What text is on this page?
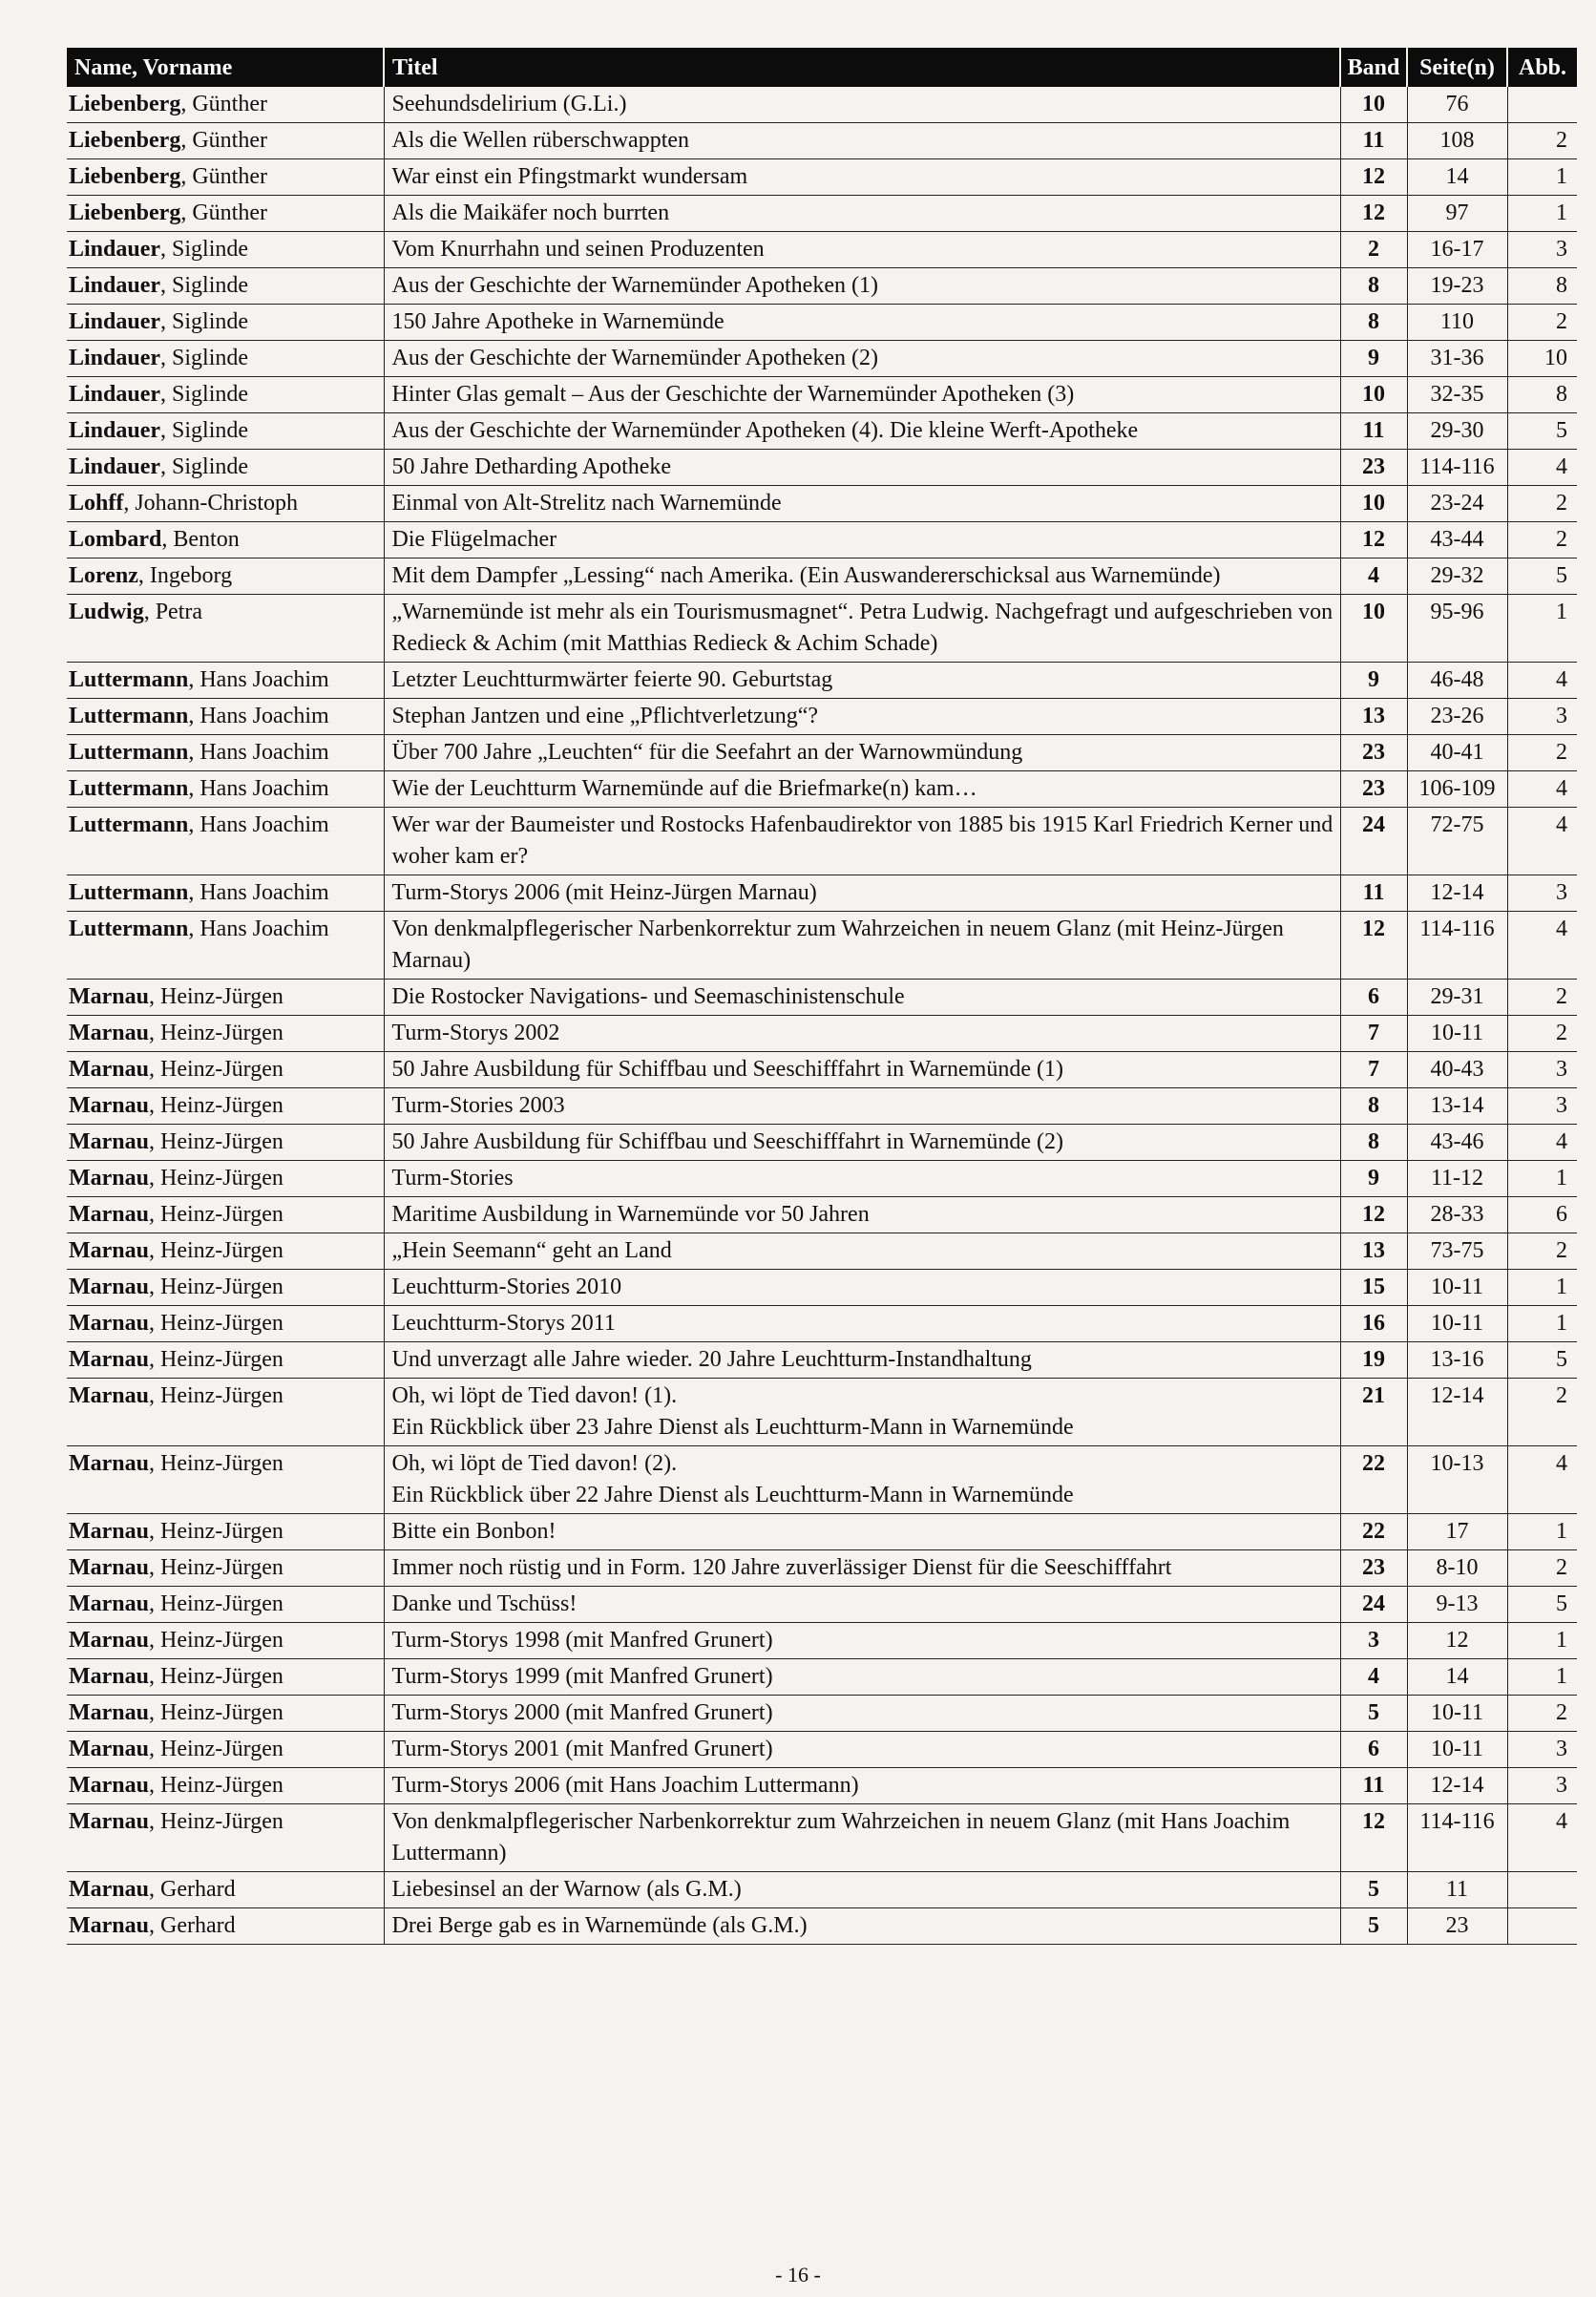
Name, Vorname	Titel	Band	Seite(n)	Abb.
Liebenberg, Günther	Seehundsdelirium (G.Li.)	10	76	
Liebenberg, Günther	Als die Wellen rüberschwappten	11	108	2
Liebenberg, Günther	War einst ein Pfingstmarkt wundersam	12	14	1
Liebenberg, Günther	Als die Maikäfer noch burrten	12	97	1
Lindauer, Siglinde	Vom Knurrhahn und seinen Produzenten	2	16-17	3
Lindauer, Siglinde	Aus der Geschichte der Warnemünder Apotheken (1)	8	19-23	8
Lindauer, Siglinde	150 Jahre Apotheke in Warnemünde	8	110	2
Lindauer, Siglinde	Aus der Geschichte der Warnemünder Apotheken (2)	9	31-36	10
Lindauer, Siglinde	Hinter Glas gemalt – Aus der Geschichte der Warnemünder Apotheken (3)	10	32-35	8
Lindauer, Siglinde	Aus der Geschichte der Warnemünder Apotheken (4). Die kleine Werft-Apotheke	11	29-30	5
Lindauer, Siglinde	50 Jahre Detharding Apotheke	23	114-116	4
Lohff, Johann-Christoph	Einmal von Alt-Strelitz nach Warnemünde	10	23-24	2
Lombard, Benton	Die Flügelmacher	12	43-44	2
Lorenz, Ingeborg	Mit dem Dampfer „Lessing“ nach Amerika. (Ein Auswandererschicksal aus Warnemünde)	4	29-32	5
Ludwig, Petra	„Warnemünde ist mehr als ein Tourismusmagnet“. Petra Ludwig. Nachgefragt und aufgeschrieben von Redieck & Achim (mit Matthias Redieck & Achim Schade)	10	95-96	1
Luttermann, Hans Joachim	Letzter Leuchtturmwärter feierte 90. Geburtstag	9	46-48	4
Luttermann, Hans Joachim	Stephan Jantzen und eine „Pflichtverletzung“?	13	23-26	3
Luttermann, Hans Joachim	Über 700 Jahre „Leuchten“ für die Seefahrt an der Warnowmündung	23	40-41	2
Luttermann, Hans Joachim	Wie der Leuchtturm Warnemünde auf die Briefmarke(n) kam…	23	106-109	4
Luttermann, Hans Joachim	Wer war der Baumeister und Rostocks Hafenbaudirektor von 1885 bis 1915 Karl Friedrich Kerner und woher kam er?	24	72-75	4
Luttermann, Hans Joachim	Turm-Storys 2006 (mit Heinz-Jürgen Marnau)	11	12-14	3
Luttermann, Hans Joachim	Von denkmalpflegerischer Narbenkorrektur zum Wahrzeichen in neuem Glanz (mit Heinz-Jürgen Marnau)	12	114-116	4
Marnau, Heinz-Jürgen	Die Rostocker Navigations- und Seemaschinistenschule	6	29-31	2
Marnau, Heinz-Jürgen	Turm-Storys 2002	7	10-11	2
Marnau, Heinz-Jürgen	50 Jahre Ausbildung für Schiffbau und Seeschifffahrt in Warnemünde (1)	7	40-43	3
Marnau, Heinz-Jürgen	Turm-Stories 2003	8	13-14	3
Marnau, Heinz-Jürgen	50 Jahre Ausbildung für Schiffbau und Seeschifffahrt in Warnemünde (2)	8	43-46	4
Marnau, Heinz-Jürgen	Turm-Stories	9	11-12	1
Marnau, Heinz-Jürgen	Maritime Ausbildung in Warnemünde vor 50 Jahren	12	28-33	6
Marnau, Heinz-Jürgen	„Hein Seemann“ geht an Land	13	73-75	2
Marnau, Heinz-Jürgen	Leuchtturm-Stories 2010	15	10-11	1
Marnau, Heinz-Jürgen	Leuchtturm-Storys 2011	16	10-11	1
Marnau, Heinz-Jürgen	Und unverzagt alle Jahre wieder. 20 Jahre Leuchtturm-Instandhaltung	19	13-16	5
Marnau, Heinz-Jürgen	Oh, wi löpt de Tied davon! (1).
Ein Rückblick über 23 Jahre Dienst als Leuchtturm-Mann in Warnemünde	21	12-14	2
Marnau, Heinz-Jürgen	Oh, wi löpt de Tied davon! (2).
Ein Rückblick über 22 Jahre Dienst als Leuchtturm-Mann in Warnemünde	22	10-13	4
Marnau, Heinz-Jürgen	Bitte ein Bonbon!	22	17	1
Marnau, Heinz-Jürgen	Immer noch rüstig und in Form. 120 Jahre zuverlässiger Dienst für die Seeschifffahrt	23	8-10	2
Marnau, Heinz-Jürgen	Danke und Tschüss!	24	9-13	5
Marnau, Heinz-Jürgen	Turm-Storys 1998 (mit Manfred Grunert)	3	12	1
Marnau, Heinz-Jürgen	Turm-Storys 1999 (mit Manfred Grunert)	4	14	1
Marnau, Heinz-Jürgen	Turm-Storys 2000 (mit Manfred Grunert)	5	10-11	2
Marnau, Heinz-Jürgen	Turm-Storys 2001 (mit Manfred Grunert)	6	10-11	3
Marnau, Heinz-Jürgen	Turm-Storys 2006 (mit Hans Joachim Luttermann)	11	12-14	3
Marnau, Heinz-Jürgen	Von denkmalpflegerischer Narbenkorrektur zum Wahrzeichen in neuem Glanz (mit Hans Joachim Luttermann)	12	114-116	4
Marnau, Gerhard	Liebesinsel an der Warnow (als G.M.)	5	11	
Marnau, Gerhard	Drei Berge gab es in Warnemünde (als G.M.)	5	23	
- 16 -
